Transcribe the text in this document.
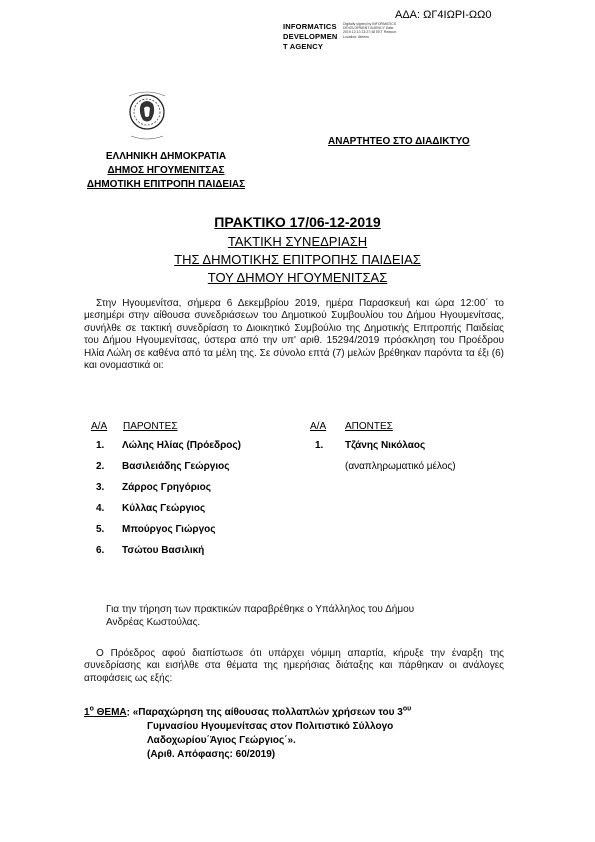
ΑΔΑ: ΩΓ4ΙΩΡΙ-ΩΩ0
INFORMATICS
DEVELOPMEN
T AGENCY
Digitally signed by INFORMATICS DEVELOPMENT AGENCY Date: 2019.12.13 13:27:48 EET Reason: Location: Athens
ΕΛΛΗΝΙΚΗ ΔΗΜΟΚΡΑΤΙΑ
ΔΗΜΟΣ ΗΓΟΥΜΕΝΙΤΣΑΣ
ΔΗΜΟΤΙΚΗ ΕΠΙΤΡΟΠΗ ΠΑΙΔΕΙΑΣ
ΑΝΑΡΤΗΤΕΟ ΣΤΟ ΔΙΑΔΙΚΤΥΟ
ΠΡΑΚΤΙΚΟ 17/06-12-2019
ΤΑΚΤΙΚΗ ΣΥΝΕΔΡΙΑΣΗ
ΤΗΣ ΔΗΜΟΤΙΚΗΣ ΕΠΙΤΡΟΠΗΣ ΠΑΙΔΕΙΑΣ
ΤΟΥ ΔΗΜΟΥ ΗΓΟΥΜΕΝΙΤΣΑΣ
Στην Ηγουμενίτσα, σήμερα 6 Δεκεμβρίου 2019, ημέρα Παρασκευή και ώρα 12:00΄ το μεσημέρι στην αίθουσα συνεδριάσεων του Δημοτικού Συμβουλίου του Δήμου Ηγουμενίτσας, συνήλθε σε τακτική συνεδρίαση το Διοικητικό Συμβούλιο της Δημοτικής Επιτροπής Παιδείας του Δήμου Ηγουμενίτσας, ύστερα από την υπ' αριθ. 15294/2019 πρόσκληση του Προέδρου Ηλία Λώλη σε καθένα από τα μέλη της. Σε σύνολο επτά (7) μελών βρέθηκαν παρόντα τα έξι (6) και ονομαστικά οι:
Α/Α ΠΑΡΟΝΤΕΣ
1. Λώλης Ηλίας (Πρόεδρος)
2. Βασιλειάδης Γεώργιος
3. Ζάρρος Γρηγόριος
4. Κύλλας Γεώργιος
5. Μπούργος Γιώργος
6. Τσώτου Βασιλική
Α/Α ΑΠΟΝΤΕΣ
1. Τζάνης Νικόλαος
(αναπληρωματικό μέλος)
Για την τήρηση των πρακτικών παραβρέθηκε ο Υπάλληλος του Δήμου
Ανδρέας Κωστούλας.
Ο Πρόεδρος αφού διαπίστωσε ότι υπάρχει νόμιμη απαρτία, κήρυξε την έναρξη της συνεδρίασης και εισήλθε στα θέματα της ημερήσιας διάταξης και πάρθηκαν οι ανάλογες αποφάσεις ως εξής:
$1^o$ ΘΕΜΑ: «Παραχώρηση της αίθουσας πολλαπλών χρήσεων του $3^{o\upsilon}$
Γυμνασίου Ηγουμενίτσας στον Πολιτιστικό Σύλλογο
Λαδοχωρίου΄Άγιος Γεώργιος΄».
(Αριθ. Απόφασης: 60/2019)
